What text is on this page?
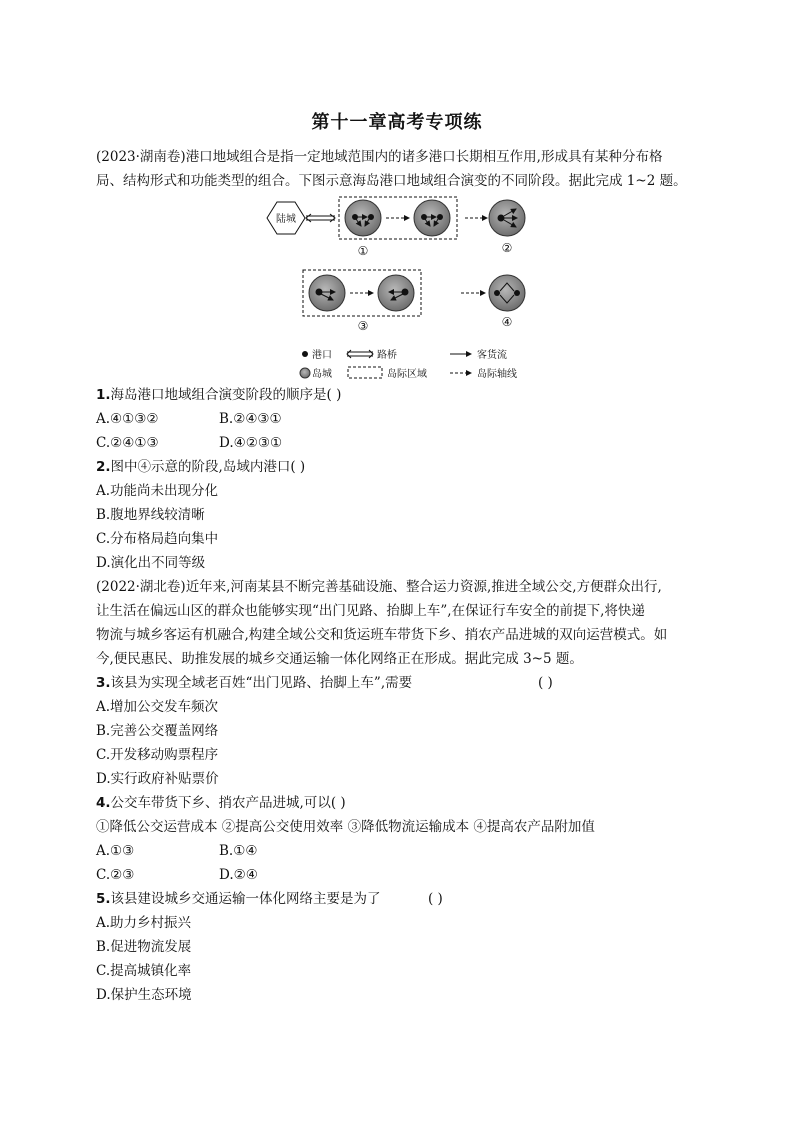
第十一章高考专项练
(2023·湖南卷)港口地域组合是指一定地域范围内的诸多港口长期相互作用,形成具有某种分布格
局、结构形式和功能类型的组合。下图示意海岛港口地域组合演变的不同阶段。据此完成 1~2 题。
陆城
①	②
③	④
港口	路桥	客货流
岛城	岛际区域	岛际轴线
1.海岛港口地域组合演变阶段的顺序是( )
A.④①③②	B.②④③①
C.②④①③	D.④②③①
2.图中④示意的阶段,岛域内港口( )
A.功能尚未出现分化
B.腹地界线较清晰
C.分布格局趋向集中
D.演化出不同等级
(2022·湖北卷)近年来,河南某县不断完善基础设施、整合运力资源,推进全域公交,方便群众出行,
让生活在偏远山区的群众也能够实现“出门见路、抬脚上车”,在保证行车安全的前提下,将快递
物流与城乡客运有机融合,构建全域公交和货运班车带货下乡、捎农产品进城的双向运营模式。如
今,便民惠民、助推发展的城乡交通运输一体化网络正在形成。据此完成 3~5 题。
3.该县为实现全域老百姓“出门见路、抬脚上车”,需要	( )
A.增加公交发车频次
B.完善公交覆盖网络
C.开发移动购票程序
D.实行政府补贴票价
4.公交车带货下乡、捎农产品进城,可以( )
①降低公交运营成本 ②提高公交使用效率 ③降低物流运输成本 ④提高农产品附加值
A.①③	B.①④
C.②③	D.②④
5.该县建设城乡交通运输一体化网络主要是为了	( )
A.助力乡村振兴
B.促进物流发展
C.提高城镇化率
D.保护生态环境
